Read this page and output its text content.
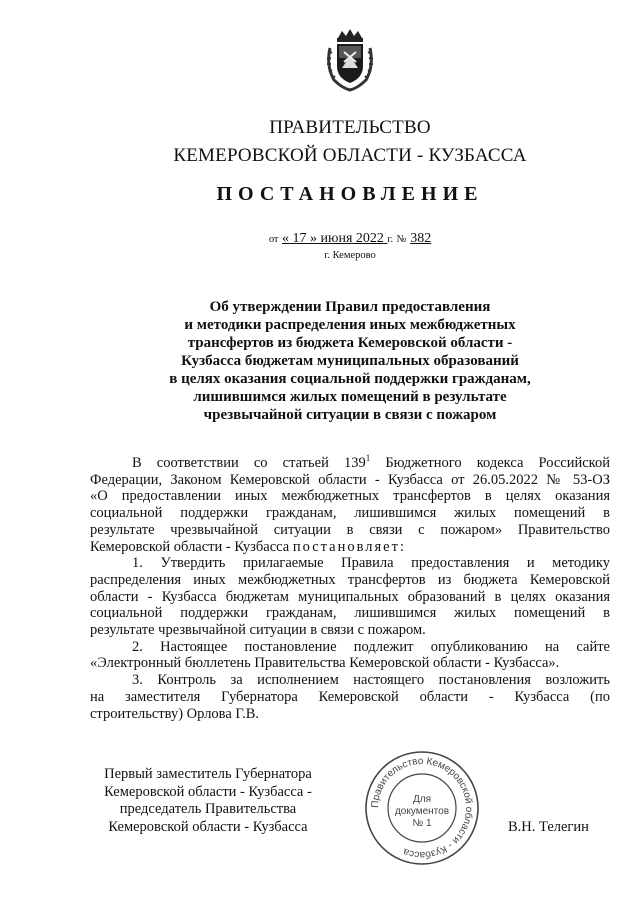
ПРАВИТЕЛЬСТВО
КЕМЕРОВСКОЙ ОБЛАСТИ - КУЗБАССА
ПОСТАНОВЛЕНИЕ
от « 17 » июня 2022 г. № 382
г. Кемерово
Об утверждении Правил предоставления
и методики распределения иных межбюджетных
трансфертов из бюджета Кемеровской области -
Кузбасса бюджетам муниципальных образований
в целях оказания социальной поддержки гражданам,
лишившимся жилых помещений в результате
чрезвычайной ситуации в связи с пожаром
В соответствии со статьей $139^1$ Бюджетного кодекса Российской
Федерации, Законом Кемеровской области - Кузбасса от 26.05.2022 № 53-ОЗ
«О предоставлении иных межбюджетных трансфертов в целях оказания
социальной поддержки гражданам, лишившимся жилых помещений в
результате чрезвычайной ситуации в связи с пожаром» Правительство
Кемеровской области - Кузбасса постановляет:
1. Утвердить прилагаемые Правила предоставления и методику
распределения иных межбюджетных трансфертов из бюджета Кемеровской
области - Кузбасса бюджетам муниципальных образований в целях оказания
социальной поддержки гражданам, лишившимся жилых помещений в
результате чрезвычайной ситуации в связи с пожаром.
2. Настоящее постановление подлежит опубликованию на сайте
«Электронный бюллетень Правительства Кемеровской области - Кузбасса».
3. Контроль за исполнением настоящего постановления возложить
на заместителя Губернатора Кемеровской области - Кузбасса (по
строительству) Орлова Г.В.
Первый заместитель Губернатора
Кемеровской области - Кузбасса -
председатель Правительства
Кемеровской области - Кузбасса
Правительство Кемеровской области - Кузбасса
Для
документов
№ 1	В.Н. Телегин
